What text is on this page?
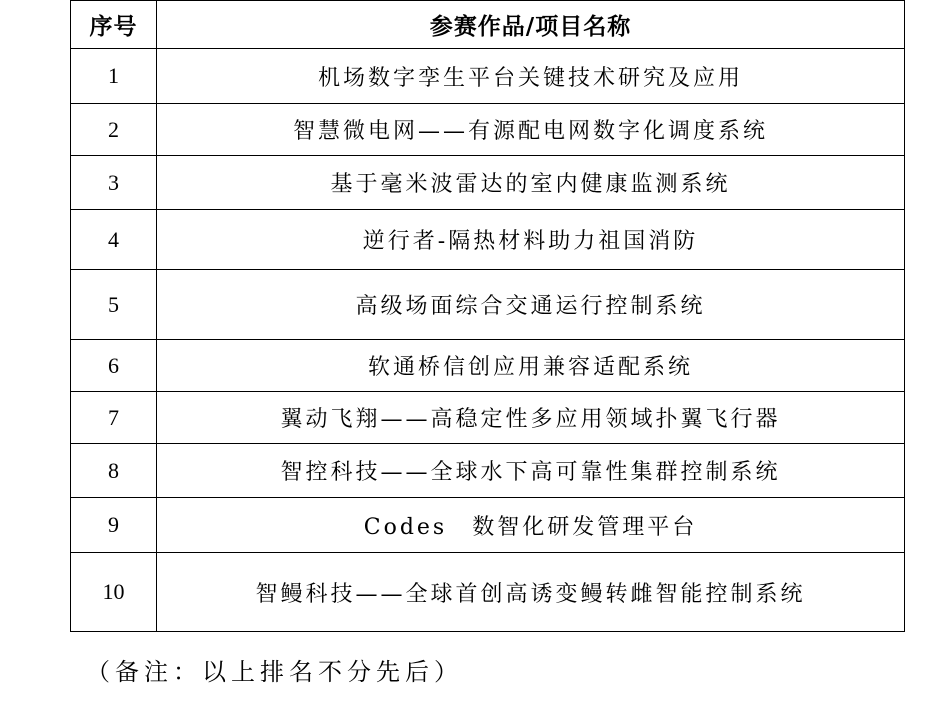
序号	参赛作品/项目名称
1	机场数字孪生平台关键技术研究及应用
2	智慧微电网——有源配电网数字化调度系统
3	基于毫米波雷达的室内健康监测系统
4	逆行者-隔热材料助力祖国消防
5	高级场面综合交通运行控制系统
6	软通桥信创应用兼容适配系统
7	翼动飞翔——高稳定性多应用领域扑翼飞行器
8	智控科技——全球水下高可靠性集群控制系统
9	Codes　数智化研发管理平台
10	智鳗科技——全球首创高诱变鳗转雌智能控制系统
（备注：以上排名不分先后）
